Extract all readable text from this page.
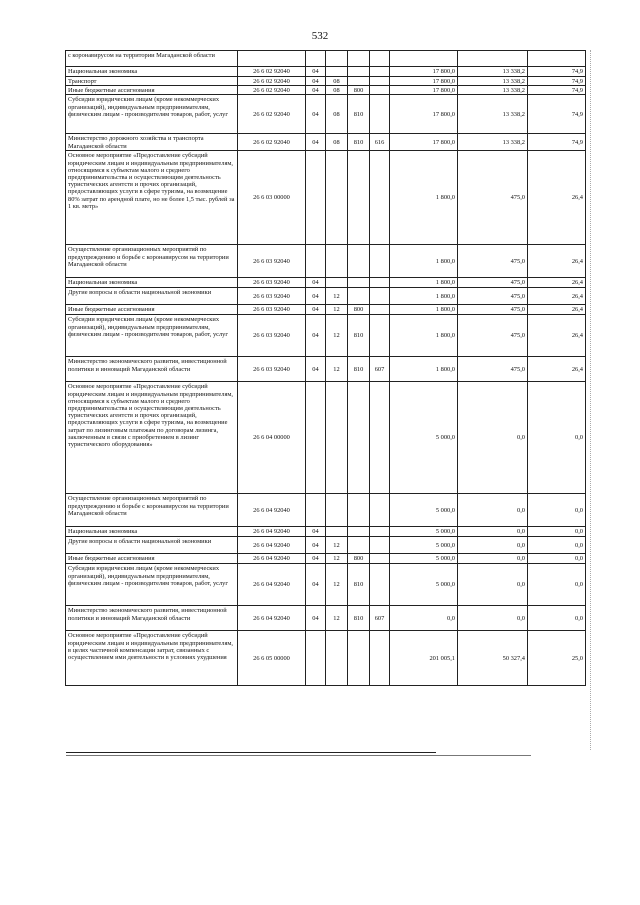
532
с коронавирусом на территории Магаданской области								
Национальная экономика	26 6 02 92040	04				17 800,0	13 338,2	74,9
Транспорт	26 6 02 92040	04	08			17 800,0	13 338,2	74,9
Иные бюджетные ассигнования	26 6 02 92040	04	08	800		17 800,0	13 338,2	74,9
Субсидии юридическим лицам (кроме некоммерческих организаций), индивидуальным предпринимателям, физическим лицам - производителям товаров, работ, услуг	26 6 02 92040	04	08	810		17 800,0	13 338,2	74,9
Министерство дорожного хозяйства и транспорта Магаданской области	26 6 02 92040	04	08	810	616	17 800,0	13 338,2	74,9
Основное мероприятие «Предоставление субсидий юридическим лицам и индивидуальным предпринимателям, относящимся к субъектам малого и среднего предпринимательства и осуществляющим деятельность туристических агентств и прочих организаций, предоставляющих услуги в сфере туризма, на возмещение 80% затрат по арендной плате, но не более 1,5 тыс. рублей за 1 кв. метр»	26 6 03 00000					1 800,0	475,0	26,4
Осуществление организационных мероприятий по предупреждению и борьбе с коронавирусом на территории Магаданской области	26 6 03 92040					1 800,0	475,0	26,4
Национальная экономика	26 6 03 92040	04				1 800,0	475,0	26,4
Другие вопросы в области национальной экономики	26 6 03 92040	04	12			1 800,0	475,0	26,4
Иные бюджетные ассигнования	26 6 03 92040	04	12	800		1 800,0	475,0	26,4
Субсидии юридическим лицам (кроме некоммерческих организаций), индивидуальным предпринимателям, физическим лицам - производителям товаров, работ, услуг	26 6 03 92040	04	12	810		1 800,0	475,0	26,4
Министерство экономического развития, инвестиционной политики и инноваций Магаданской области	26 6 03 92040	04	12	810	607	1 800,0	475,0	26,4
Основное мероприятие «Предоставление субсидий юридическим лицам и индивидуальным предпринимателям, относящимся к субъектам малого и среднего предпринимательства и осуществляющим деятельность туристических агентств и прочих организаций, предоставляющих услуги в сфере туризма, на возмещение затрат по лизинговым платежам по договорам лизинга, заключенным в связи с приобретением в лизинг туристического оборудования»	26 6 04 00000					5 000,0	0,0	0,0
Осуществление организационных мероприятий по предупреждению и борьбе с коронавирусом на территории Магаданской области	26 6 04 92040					5 000,0	0,0	0,0
Национальная экономика	26 6 04 92040	04				5 000,0	0,0	0,0
Другие вопросы в области национальной экономики	26 6 04 92040	04	12			5 000,0	0,0	0,0
Иные бюджетные ассигнования	26 6 04 92040	04	12	800		5 000,0	0,0	0,0
Субсидии юридическим лицам (кроме некоммерческих организаций), индивидуальным предпринимателям, физическим лицам - производителям товаров, работ, услуг	26 6 04 92040	04	12	810		5 000,0	0,0	0,0
Министерство экономического развития, инвестиционной политики и инноваций Магаданской области	26 6 04 92040	04	12	810	607	0,0	0,0	0,0
Основное мероприятие «Предоставление субсидий юридическим лицам и индивидуальным предпринимателям, в целях частичной компенсации затрат, связанных с осуществлением ими деятельности в условиях ухудшения	26 6 05 00000					201 005,1	50 327,4	25,0
